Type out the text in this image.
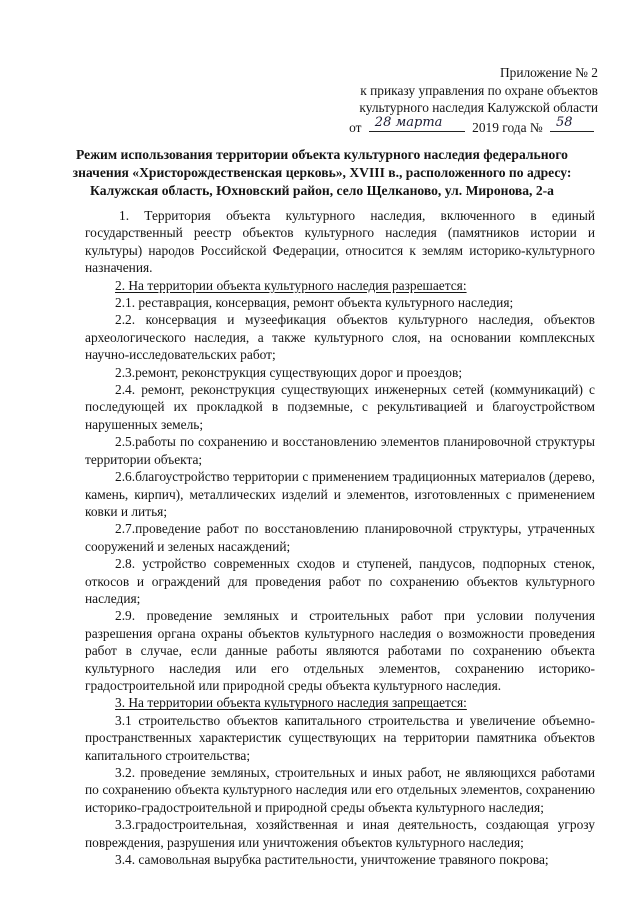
Приложение № 2
к приказу управления по охране объектов
культурного наследия Калужской области
от 28 марта 2019 года № 58
Режим использования территории объекта культурного наследия федерального
значения «Христорождественская церковь», XVIII в., расположенного по адресу:
Калужская область, Юхновский район, село Щелканово, ул. Миронова, 2-а

1. Территория объекта культурного наследия, включенного в единый государственный реестр объектов культурного наследия (памятников истории и культуры) народов Российской Федерации, относится к землям историко-культурного назначения.

2. На территории объекта культурного наследия разрешается:

2.1. реставрация, консервация, ремонт объекта культурного наследия;

2.2. консервация и музеефикация объектов культурного наследия, объектов археологического наследия, а также культурного слоя, на основании комплексных научно-исследовательских работ;

2.3.ремонт, реконструкция существующих дорог и проездов;

2.4. ремонт, реконструкция существующих инженерных сетей (коммуникаций) с последующей их прокладкой в подземные, с рекультивацией и благоустройством нарушенных земель;

2.5.работы по сохранению и восстановлению элементов планировочной структуры территории объекта;

2.6.благоустройство территории с применением традиционных материалов (дерево, камень, кирпич), металлических изделий и элементов, изготовленных с применением ковки и литья;

2.7.проведение работ по восстановлению планировочной структуры, утраченных сооружений и зеленых насаждений;

2.8. устройство современных сходов и ступеней, пандусов, подпорных стенок, откосов и ограждений для проведения работ по сохранению объектов культурного наследия;

2.9. проведение земляных и строительных работ при условии получения разрешения органа охраны объектов культурного наследия о возможности проведения работ в случае, если данные работы являются работами по сохранению объекта культурного наследия или его отдельных элементов, сохранению историко-градостроительной или природной среды объекта культурного наследия.

3. На территории объекта культурного наследия запрещается:

3.1 строительство объектов капитального строительства и увеличение объемно-пространственных характеристик существующих на территории памятника объектов капитального строительства;

3.2. проведение земляных, строительных и иных работ, не являющихся работами по сохранению объекта культурного наследия или его отдельных элементов, сохранению историко-градостроительной и природной среды объекта культурного наследия;

3.3.градостроительная, хозяйственная и иная деятельность, создающая угрозу повреждения, разрушения или уничтожения объектов культурного наследия;

3.4. самовольная вырубка растительности, уничтожение травяного покрова;
